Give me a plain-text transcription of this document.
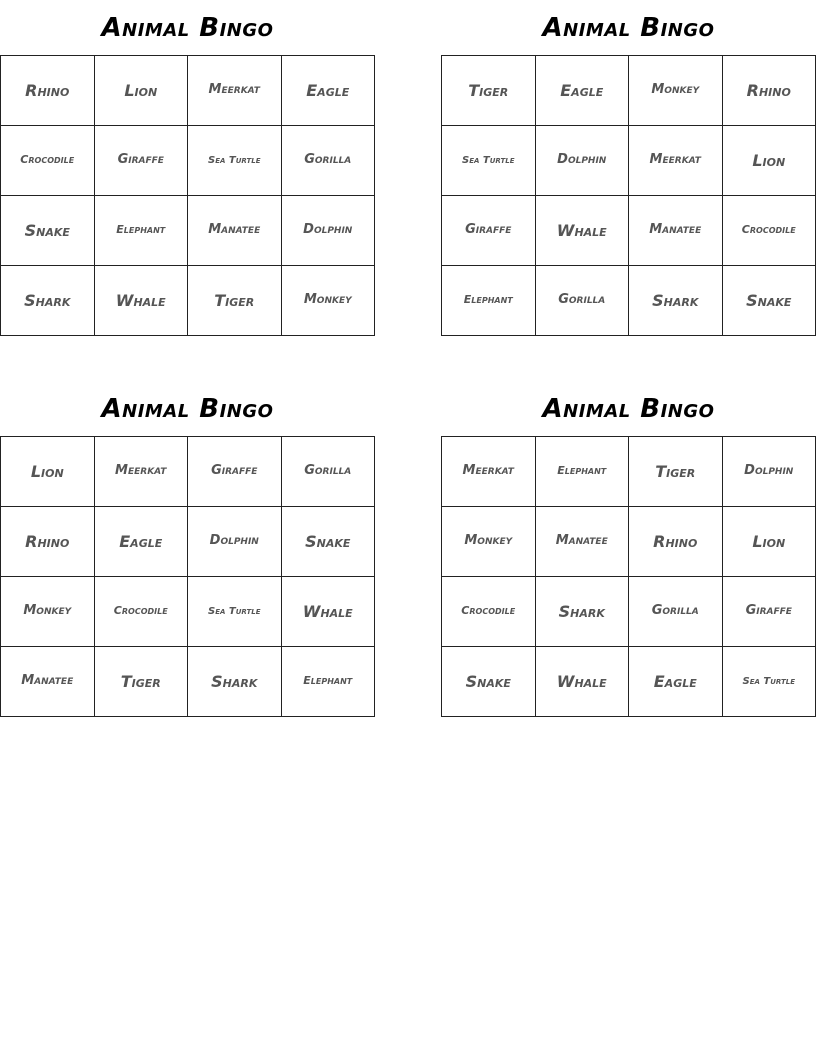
Animal Bingo
Rhino	Lion	Meerkat	Eagle
Crocodile	Giraffe	Sea Turtle	Gorilla
Snake	Elephant	Manatee	Dolphin
Shark	Whale	Tiger	Monkey
Animal Bingo
Tiger	Eagle	Monkey	Rhino
Sea Turtle	Dolphin	Meerkat	Lion
Giraffe	Whale	Manatee	Crocodile
Elephant	Gorilla	Shark	Snake
Animal Bingo
Lion	Meerkat	Giraffe	Gorilla
Rhino	Eagle	Dolphin	Snake
Monkey	Crocodile	Sea Turtle	Whale
Manatee	Tiger	Shark	Elephant
Animal Bingo
Meerkat	Elephant	Tiger	Dolphin
Monkey	Manatee	Rhino	Lion
Crocodile	Shark	Gorilla	Giraffe
Snake	Whale	Eagle	Sea Turtle
